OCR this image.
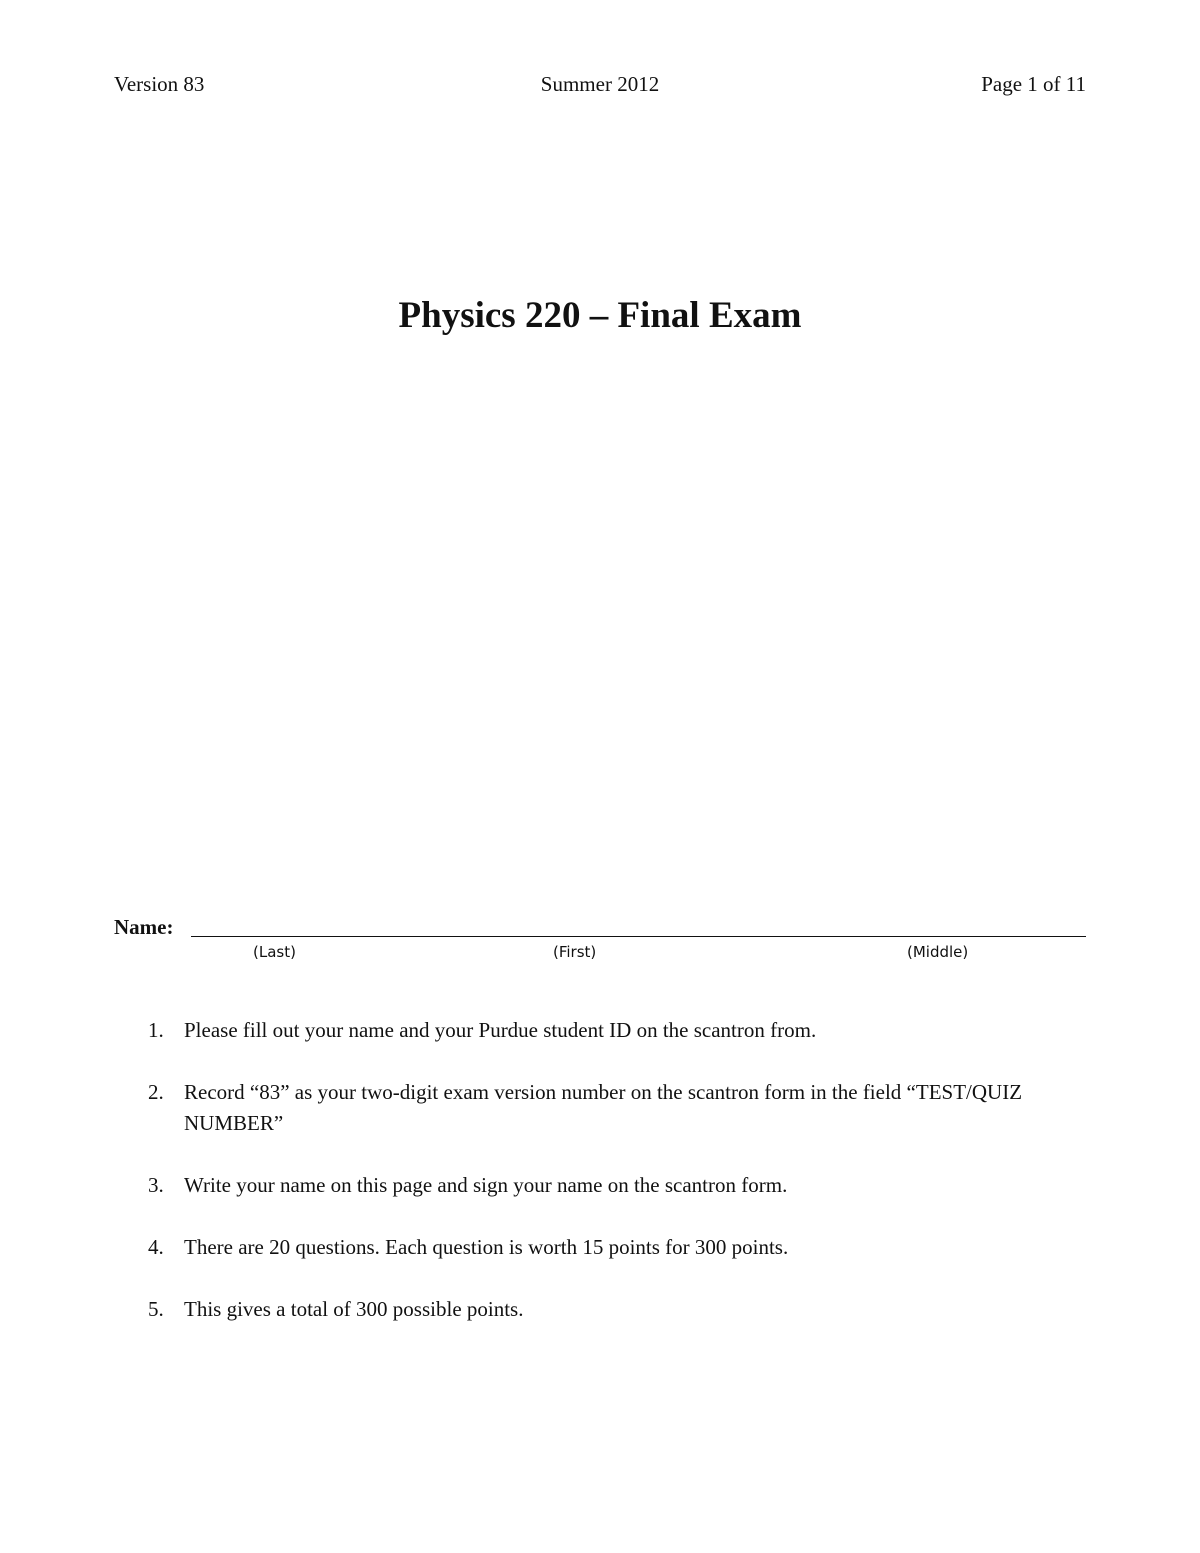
Version 83	Summer 2012	Page 1 of 11
Physics 220 – Final Exam
Name:
(Last)	(First)	(Middle)
1. Please fill out your name and your Purdue student ID on the scantron from.
2. Record “83” as your two-digit exam version number on the scantron form in the field “TEST/QUIZ NUMBER”
3. Write your name on this page and sign your name on the scantron form.
4. There are 20 questions. Each question is worth 15 points for 300 points.
5. This gives a total of 300 possible points.
